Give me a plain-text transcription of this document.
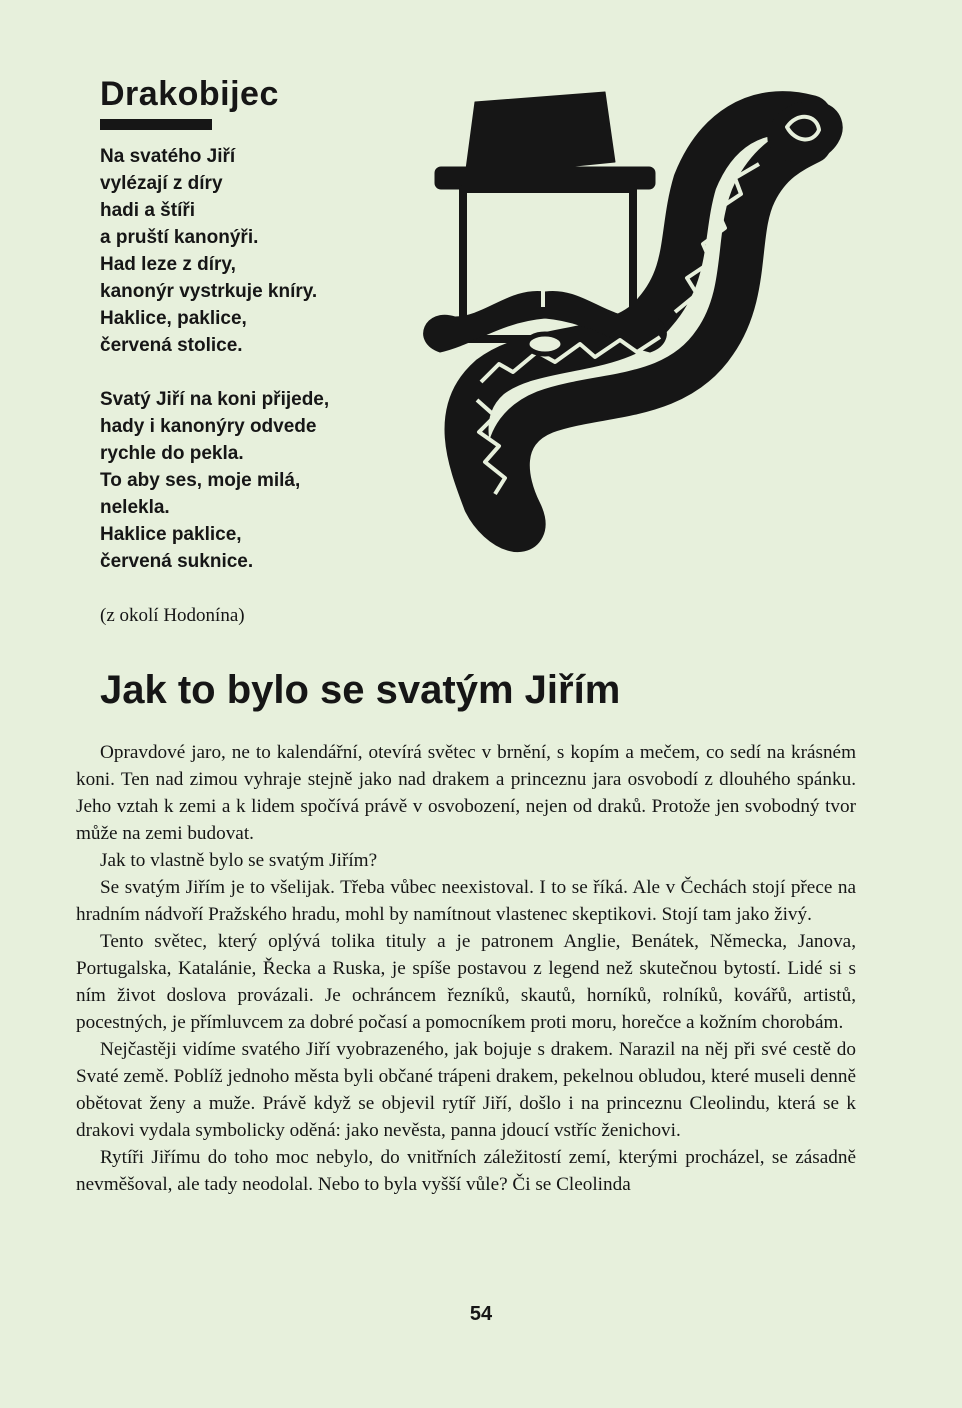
Drakobijec
Na svatého Jiří
vylézají z díry
hadi a štíři
a pruští kanonýři.
Had leze z díry,
kanonýr vystrkuje kníry.
Haklice, paklice,
červená stolice.
Svatý Jiří na koni přijede,
hady i kanonýry odvede
rychle do pekla.
To aby ses, moje milá,
nelekla.
Haklice paklice,
červená suknice.
(z okolí Hodonína)
Jak to bylo se svatým Jiřím

Opravdové jaro, ne to kalendářní, otevírá světec v brnění, s kopím a mečem, co sedí na krásném koni. Ten nad zimou vyhraje stejně jako nad drakem a princeznu jara osvobodí z dlouhého spánku. Jeho vztah k zemi a k lidem spočívá právě v osvobození, nejen od draků. Protože jen svobodný tvor může na zemi budovat.

Jak to vlastně bylo se svatým Jiřím?

Se svatým Jiřím je to všelijak. Třeba vůbec neexistoval. I to se říká. Ale v Čechách stojí přece na hradním nádvoří Pražského hradu, mohl by namítnout vlastenec skeptikovi. Stojí tam jako živý.

Tento světec, který oplývá tolika tituly a je patronem Anglie, Benátek, Německa, Janova, Portugalska, Katalánie, Řecka a Ruska, je spíše postavou z legend než skutečnou bytostí. Lidé si s ním život doslova provázali. Je ochráncem řezníků, skautů, horníků, rolníků, kovářů, artistů, pocestných, je přímluvcem za dobré počasí a pomocníkem proti moru, horečce a kožním chorobám.

Nejčastěji vidíme svatého Jiří vyobrazeného, jak bojuje s drakem. Narazil na něj při své cestě do Svaté země. Poblíž jednoho města byli občané trápeni drakem, pekelnou obludou, které museli denně obětovat ženy a muže. Právě když se objevil rytíř Jiří, došlo i na princeznu Cleolindu, která se k drakovi vydala symbolicky oděná: jako nevěsta, panna jdoucí vstříc ženichovi.

Rytíři Jiřímu do toho moc nebylo, do vnitřních záležitostí zemí, kterými procházel, se zásadně nevměšoval, ale tady neodolal. Nebo to byla vyšší vůle? Či se Cleolinda

54
